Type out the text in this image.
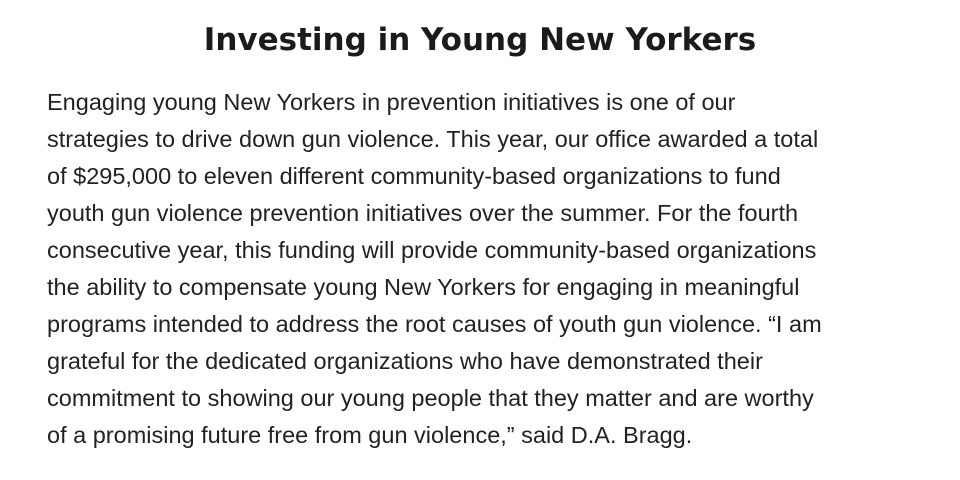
Investing in Young New Yorkers
Engaging young New Yorkers in prevention initiatives is one of our
strategies to drive down gun violence. This year, our office awarded a total
of $295,000 to eleven different community-based organizations to fund
youth gun violence prevention initiatives over the summer. For the fourth
consecutive year, this funding will provide community-based organizations
the ability to compensate young New Yorkers for engaging in meaningful
programs intended to address the root causes of youth gun violence. “I am
grateful for the dedicated organizations who have demonstrated their
commitment to showing our young people that they matter and are worthy
of a promising future free from gun violence,” said D.A. Bragg.
